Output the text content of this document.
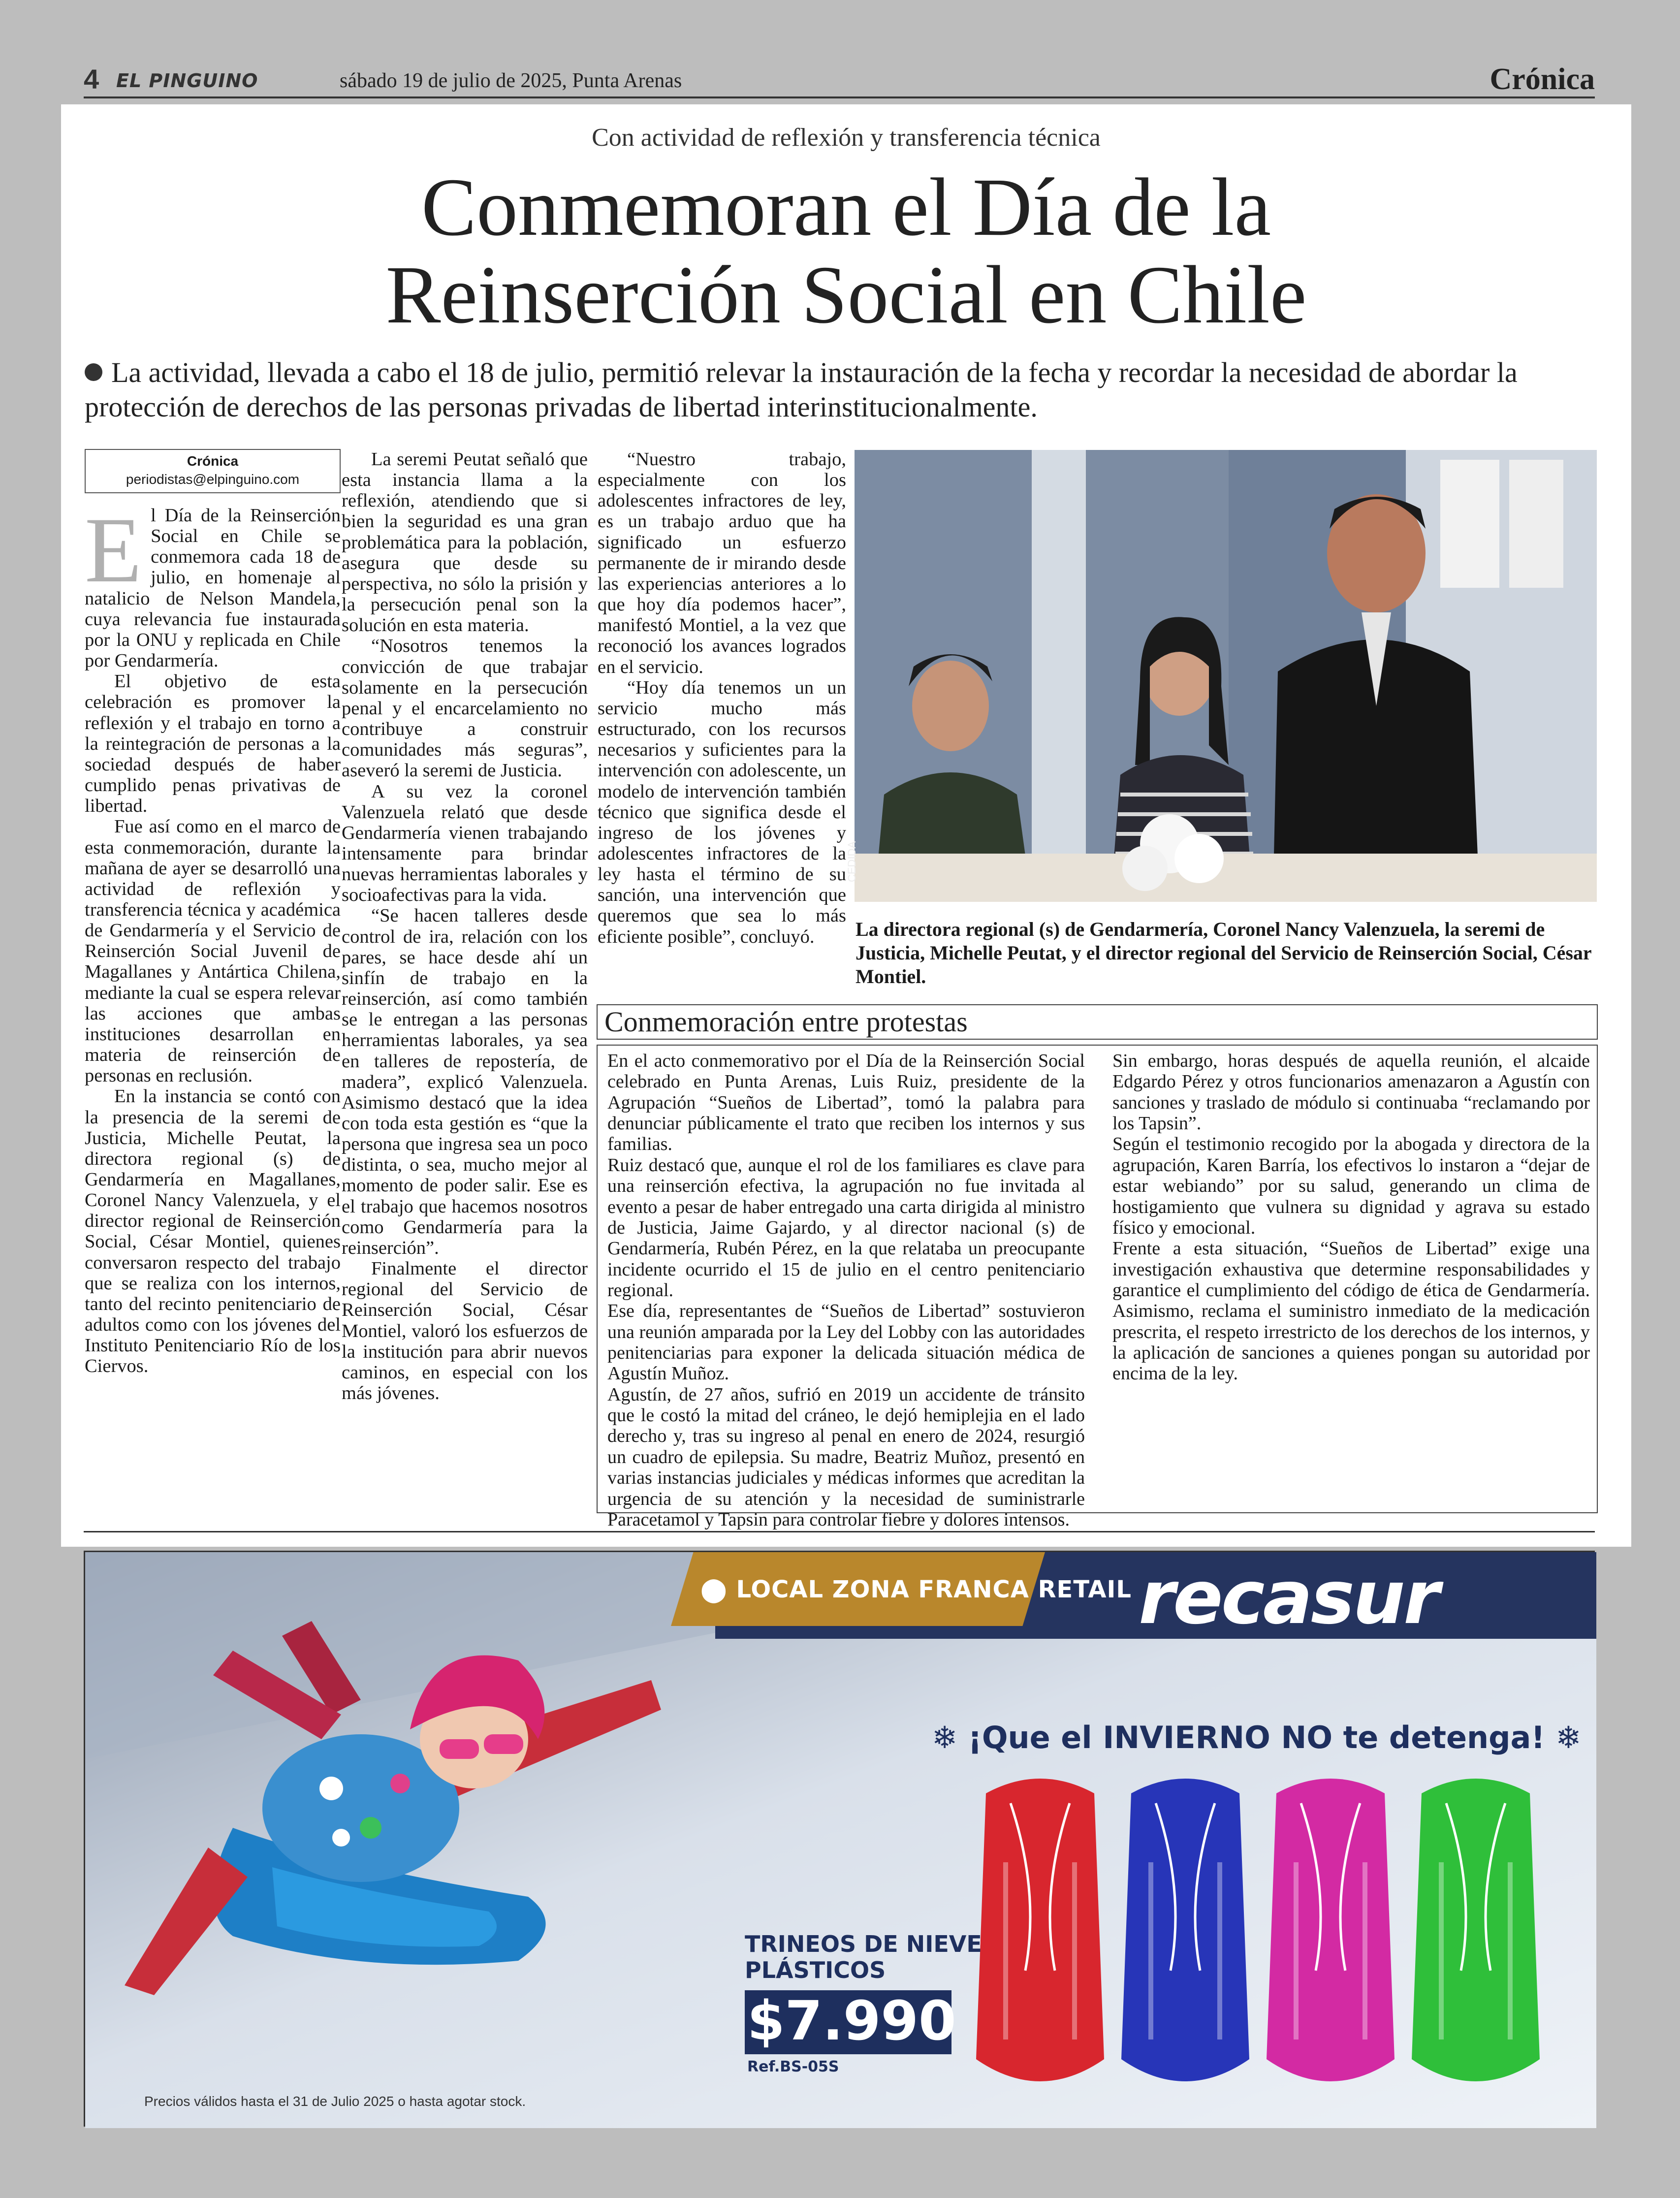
4 EL PINGUINO	sábado 19 de julio de 2025, Punta Arenas	Crónica
Con actividad de reflexión y transferencia técnica
Conmemoran el Día de la
Reinserción Social en Chile
La actividad, llevada a cabo el 18 de julio, permitió relevar la instauración de la fecha y recordar la necesidad de abordar la protección de derechos de las personas privadas de libertad interinstitucionalmente.
Crónica
periodistas@elpinguino.com

El Día de la Reinserción Social en Chile se conmemora cada 18 de julio, en homenaje al natalicio de Nelson Mandela, cuya relevancia fue instaurada por la ONU y replicada en Chile por Gendarmería.

El objetivo de esta celebración es promover la reflexión y el trabajo en torno a la reintegración de personas a la sociedad después de haber cumplido penas privativas de libertad.

Fue así como en el marco de esta conmemoración, durante la mañana de ayer se desarrolló una actividad de reflexión y transferencia técnica y académica de Gendarmería y el Servicio de Reinserción Social Juvenil de Magallanes y Antártica Chilena, mediante la cual se espera relevar las acciones que ambas instituciones desarrollan en materia de reinserción de personas en reclusión.

En la instancia se contó con la presencia de la seremi de Justicia, Michelle Peutat, la directora regional (s) de Gendarmería en Magallanes, Coronel Nancy Valenzuela, y el director regional de Reinserción Social, César Montiel, quienes conversaron respecto del trabajo que se realiza con los internos, tanto del recinto penitenciario de adultos como con los jóvenes del Instituto Penitenciario Río de los Ciervos.

La seremi Peutat señaló que esta instancia llama a la reflexión, atendiendo que si bien la seguridad es una gran problemática para la población, asegura que desde su perspectiva, no sólo la prisión y la persecución penal son la solución en esta materia.

“Nosotros tenemos la convicción de que trabajar solamente en la persecución penal y el encarcelamiento no contribuye a construir comunidades más seguras”, aseveró la seremi de Justicia.

A su vez la coronel Valenzuela relató que desde Gendarmería vienen trabajando intensamente para brindar nuevas herramientas laborales y socioafectivas para la vida.

“Se hacen talleres desde control de ira, relación con los pares, se hace desde ahí un sinfín de trabajo en la reinserción, así como también se le entregan a las personas herramientas laborales, ya sea en talleres de repostería, de madera”, explicó Valenzuela. Asimismo destacó que la idea con toda esta gestión es “que la persona que ingresa sea un poco distinta, o sea, mucho mejor al momento de poder salir. Ese es el trabajo que hacemos nosotros como Gendarmería para la reinserción”.

Finalmente el director regional del Servicio de Reinserción Social, César Montiel, valoró los esfuerzos de la institución para abrir nuevos caminos, en especial con los más jóvenes.

“Nuestro trabajo, especialmente con los adolescentes infractores de ley, es un trabajo arduo que ha significado un esfuerzo permanente de ir mirando desde las experiencias anteriores a lo que hoy día podemos hacer”, manifestó Montiel, a la vez que reconoció los avances logrados en el servicio.

“Hoy día tenemos un un servicio mucho más estructurado, con los recursos necesarios y suficientes para la intervención con adolescente, un modelo de intervención también técnico que significa desde el ingreso de los jóvenes y adolescentes infractores de la ley hasta el término de su sanción, una intervención que queremos que sea lo más eficiente posible”, concluyó.

CEDIDA
La directora regional (s) de Gendarmería, Coronel Nancy Valenzuela, la seremi de Justicia, Michelle Peutat, y el director regional del Servicio de Reinserción Social, César Montiel.
Conmemoración entre protestas

En el acto conmemorativo por el Día de la Reinserción Social celebrado en Punta Arenas, Luis Ruiz, presidente de la Agrupación “Sueños de Libertad”, tomó la palabra para denunciar públicamente el trato que reciben los internos y sus familias.

Ruiz destacó que, aunque el rol de los familiares es clave para una reinserción efectiva, la agrupación no fue invitada al evento a pesar de haber entregado una carta dirigida al ministro de Justicia, Jaime Gajardo, y al director nacional (s) de Gendarmería, Rubén Pérez, en la que relataba un preocupante incidente ocurrido el 15 de julio en el centro penitenciario regional.

Ese día, representantes de “Sueños de Libertad” sostuvieron una reunión amparada por la Ley del Lobby con las autoridades penitenciarias para exponer la delicada situación médica de Agustín Muñoz.

Agustín, de 27 años, sufrió en 2019 un accidente de tránsito que le costó la mitad del cráneo, le dejó hemiplejia en el lado derecho y, tras su ingreso al penal en enero de 2024, resurgió un cuadro de epilepsia. Su madre, Beatriz Muñoz, presentó en varias instancias judiciales y médicas informes que acreditan la urgencia de su atención y la necesidad de suministrarle Paracetamol y Tapsin para controlar fiebre y dolores intensos.

Sin embargo, horas después de aquella reunión, el alcaide Edgardo Pérez y otros funcionarios amenazaron a Agustín con sanciones y traslado de módulo si continuaba “reclamando por los Tapsin”.

Según el testimonio recogido por la abogada y directora de la agrupación, Karen Barría, los efectivos lo instaron a “dejar de estar webiando” por su salud, generando un clima de hostigamiento que vulnera su dignidad y agrava su estado físico y emocional.

Frente a esta situación, “Sueños de Libertad” exige una investigación exhaustiva que determine responsabilidades y garantice el cumplimiento del código de ética de Gendarmería. Asimismo, reclama el suministro inmediato de la medicación prescrita, el respeto irrestricto de los derechos de los internos, y la aplicación de sanciones a quienes pongan su autoridad por encima de la ley.

⬤ LOCAL ZONA FRANCA RETAIL recasur
❄ ¡Que el INVIERNO NO te detenga! ❄
TRINEOS DE NIEVE PLÁSTICOS
$7.990
Ref.BS-05S
Precios válidos hasta el 31 de Julio 2025 o hasta agotar stock.
